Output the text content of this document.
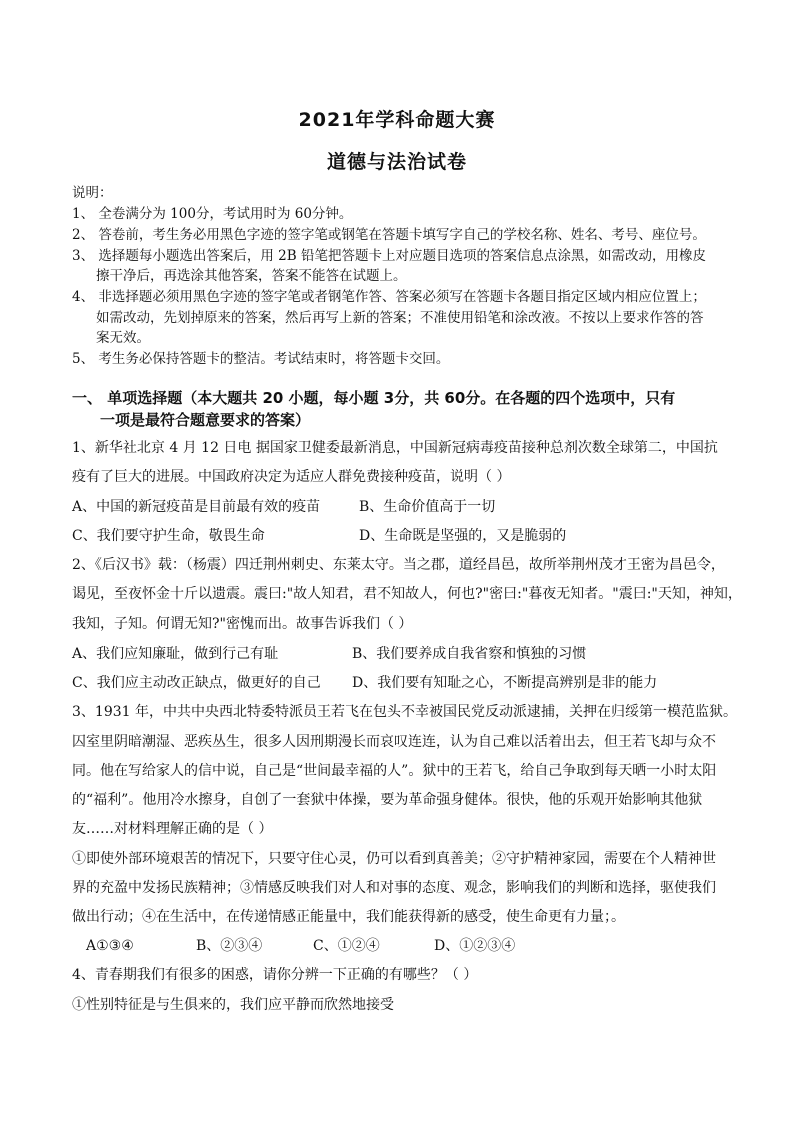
2021年学科命题大赛
道德与法治试卷
说明：
1、 全卷满分为 100分，考试用时为 60分钟。
2、 答卷前，考生务必用黑色字迹的签字笔或钢笔在答题卡填写字自己的学校名称、姓名、考号、座位号。
3、 选择题每小题选出答案后，用 2B 铅笔把答题卡上对应题目选项的答案信息点涂黑，如需改动，用橡皮
擦干净后，再选涂其他答案，答案不能答在试题上。
4、 非选择题必须用黑色字迹的签字笔或者钢笔作答、答案必须写在答题卡各题目指定区域内相应位置上；
如需改动，先划掉原来的答案，然后再写上新的答案；不准使用铅笔和涂改液。不按以上要求作答的答
案无效。
5、 考生务必保持答题卡的整洁。考试结束时，将答题卡交回。
一、 单项选择题（本大题共 20 小题，每小题 3分，共 60分。在各题的四个选项中，只有
一项是最符合题意要求的答案）
1、新华社北京 4 月 12 日电 据国家卫健委最新消息，中国新冠病毒疫苗接种总剂次数全球第二，中国抗
疫有了巨大的进展。中国政府决定为适应人群免费接种疫苗，说明（ ）
A、中国的新冠疫苗是目前最有效的疫苗	B、生命价值高于一切
C、我们要守护生命，敬畏生命	D、生命既是坚强的，又是脆弱的
2、《后汉书》载：（杨震）四迁荆州刺史、东莱太守。当之郡，道经昌邑，故所举荆州茂才王密为昌邑令，
谒见，至夜怀金十斤以遗震。震曰:"故人知君，君不知故人，何也?"密曰:"暮夜无知者。"震曰:"天知，神知，
我知，子知。何谓无知?"密愧而出。故事告诉我们（ ）
A、我们应知廉耻，做到行己有耻	B、我们要养成自我省察和慎独的习惯
C、我们应主动改正缺点，做更好的自己 D、我们要有知耻之心，不断提高辨别是非的能力
3、1931 年，中共中央西北特委特派员王若飞在包头不幸被国民党反动派逮捕，关押在归绥第一模范监狱。
囚室里阴暗潮湿、恶疾丛生，很多人因刑期漫长而哀叹连连，认为自己难以活着出去，但王若飞却与众不
同。他在写给家人的信中说，自己是“世间最幸福的人”。狱中的王若飞，给自己争取到每天晒一小时太阳
的“福利”。他用冷水擦身，自创了一套狱中体操，要为革命强身健体。很快，他的乐观开始影响其他狱
友……对材料理解正确的是（ ）
①即使外部环境艰苦的情况下，只要守住心灵，仍可以看到真善美；②守护精神家园，需要在个人精神世
界的充盈中发扬民族精神；③情感反映我们对人和对事的态度、观念，影响我们的判断和选择，驱使我们
做出行动；④在生活中，在传递情感正能量中，我们能获得新的感受，使生命更有力量；。
A①③④	B、②③④	C、①②④	D、①②③④
4、青春期我们有很多的困惑，请你分辨一下正确的有哪些？（ ）
①性别特征是与生俱来的，我们应平静而欣然地接受
